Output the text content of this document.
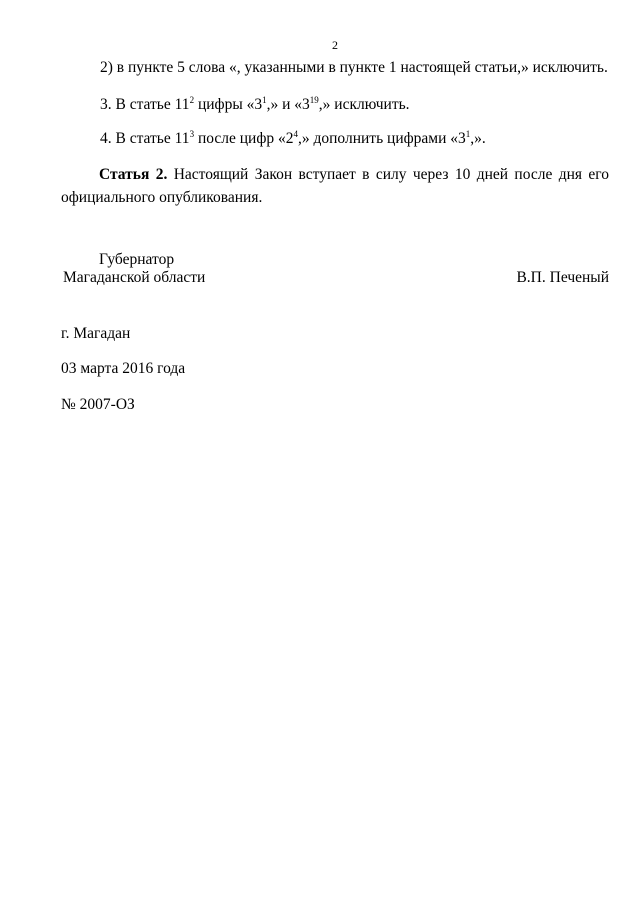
2
2) в пункте 5 слова «, указанными в пункте 1 настоящей статьи,» исключить.
3. В статье $11^2$ цифры «$3^1$,» и «$3^{19}$,» исключить.
4. В статье $11^3$ после цифр «$2^4$,» дополнить цифрами «$3^1$,».
Статья 2. Настоящий Закон вступает в силу через 10 дней после дня его официального опубликования.
Губернатор
Магаданской области	В.П. Печеный
г. Магадан
03 марта 2016 года
№ 2007-ОЗ
